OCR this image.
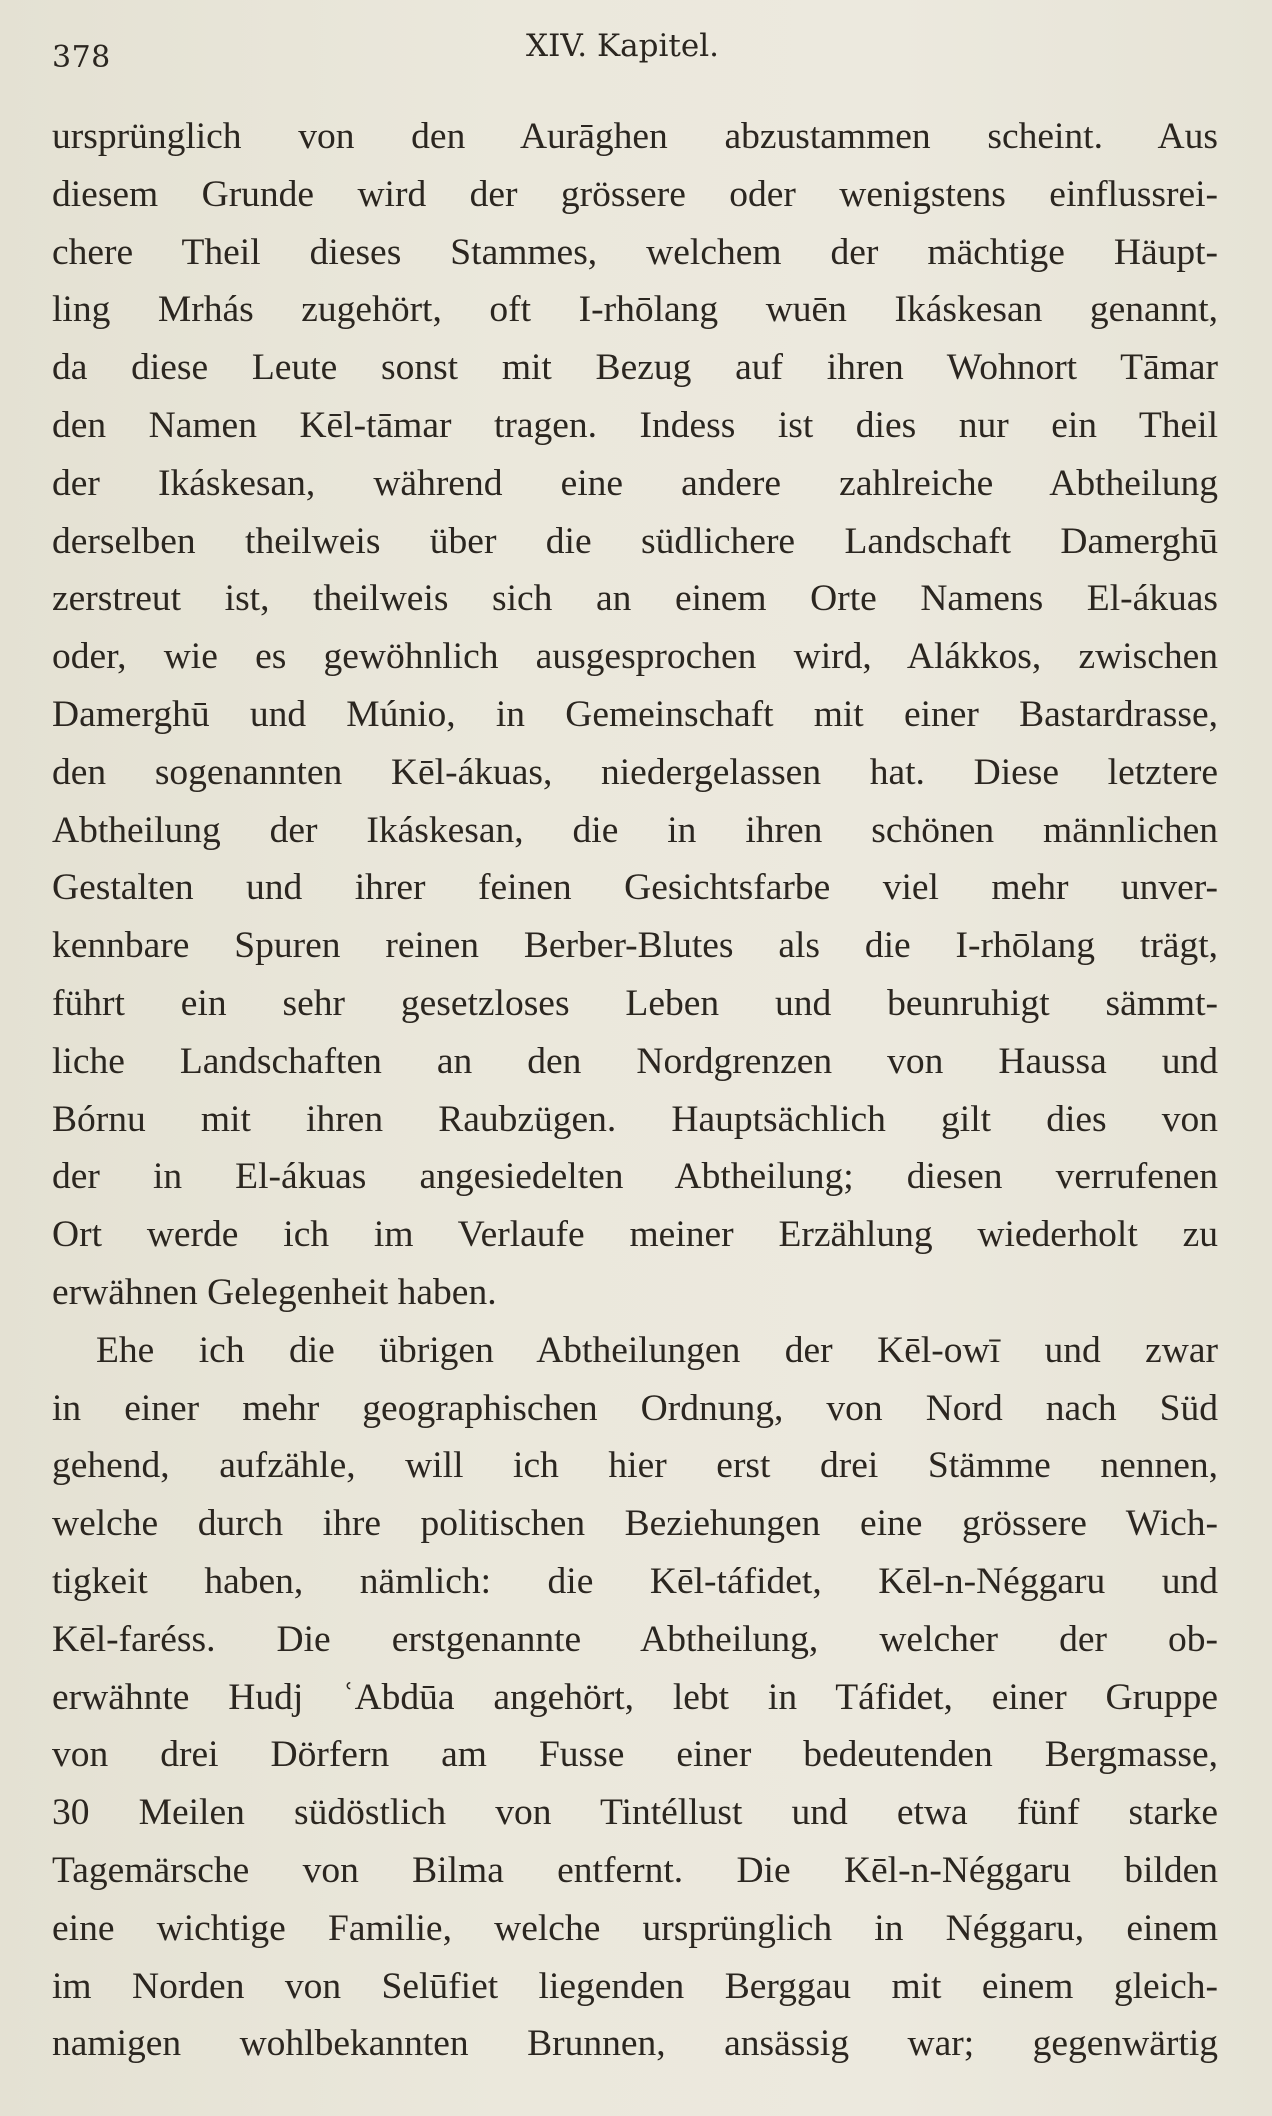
378	XIV. Kapitel.
ursprünglich von den Aurāghen abzustammen scheint. Aus
diesem Grunde wird der grössere oder wenigstens einflussrei-
chere Theil dieses Stammes, welchem der mächtige Häupt-
ling Mrhás zugehört, oft I-rhōlang wuēn Ikáskesan genannt,
da diese Leute sonst mit Bezug auf ihren Wohnort Tāmar
den Namen Kēl-tāmar tragen. Indess ist dies nur ein Theil
der Ikáskesan, während eine andere zahlreiche Abtheilung
derselben theilweis über die südlichere Landschaft Damerghū
zerstreut ist, theilweis sich an einem Orte Namens El-ákuas
oder, wie es gewöhnlich ausgesprochen wird, Alákkos, zwischen
Damerghū und Múnio, in Gemeinschaft mit einer Bastardrasse,
den sogenannten Kēl-ákuas, niedergelassen hat. Diese letztere
Abtheilung der Ikáskesan, die in ihren schönen männlichen
Gestalten und ihrer feinen Gesichtsfarbe viel mehr unver-
kennbare Spuren reinen Berber-Blutes als die I-rhōlang trägt,
führt ein sehr gesetzloses Leben und beunruhigt sämmt-
liche Landschaften an den Nordgrenzen von Haussa und
Bórnu mit ihren Raubzügen. Hauptsächlich gilt dies von
der in El-ákuas angesiedelten Abtheilung; diesen verrufenen
Ort werde ich im Verlaufe meiner Erzählung wiederholt zu
erwähnen Gelegenheit haben.
Ehe ich die übrigen Abtheilungen der Kēl-owī und zwar
in einer mehr geographischen Ordnung, von Nord nach Süd
gehend, aufzähle, will ich hier erst drei Stämme nennen,
welche durch ihre politischen Beziehungen eine grössere Wich-
tigkeit haben, nämlich: die Kēl-táfidet, Kēl-n-Néggaru und
Kēl-faréss. Die erstgenannte Abtheilung, welcher der ob-
erwähnte Hudj ʿAbdūa angehört, lebt in Táfidet, einer Gruppe
von drei Dörfern am Fusse einer bedeutenden Bergmasse,
30 Meilen südöstlich von Tintéllust und etwa fünf starke
Tagemärsche von Bilma entfernt. Die Kēl-n-Néggaru bilden
eine wichtige Familie, welche ursprünglich in Néggaru, einem
im Norden von Selūfiet liegenden Berggau mit einem gleich-
namigen wohlbekannten Brunnen, ansässig war; gegenwärtig
